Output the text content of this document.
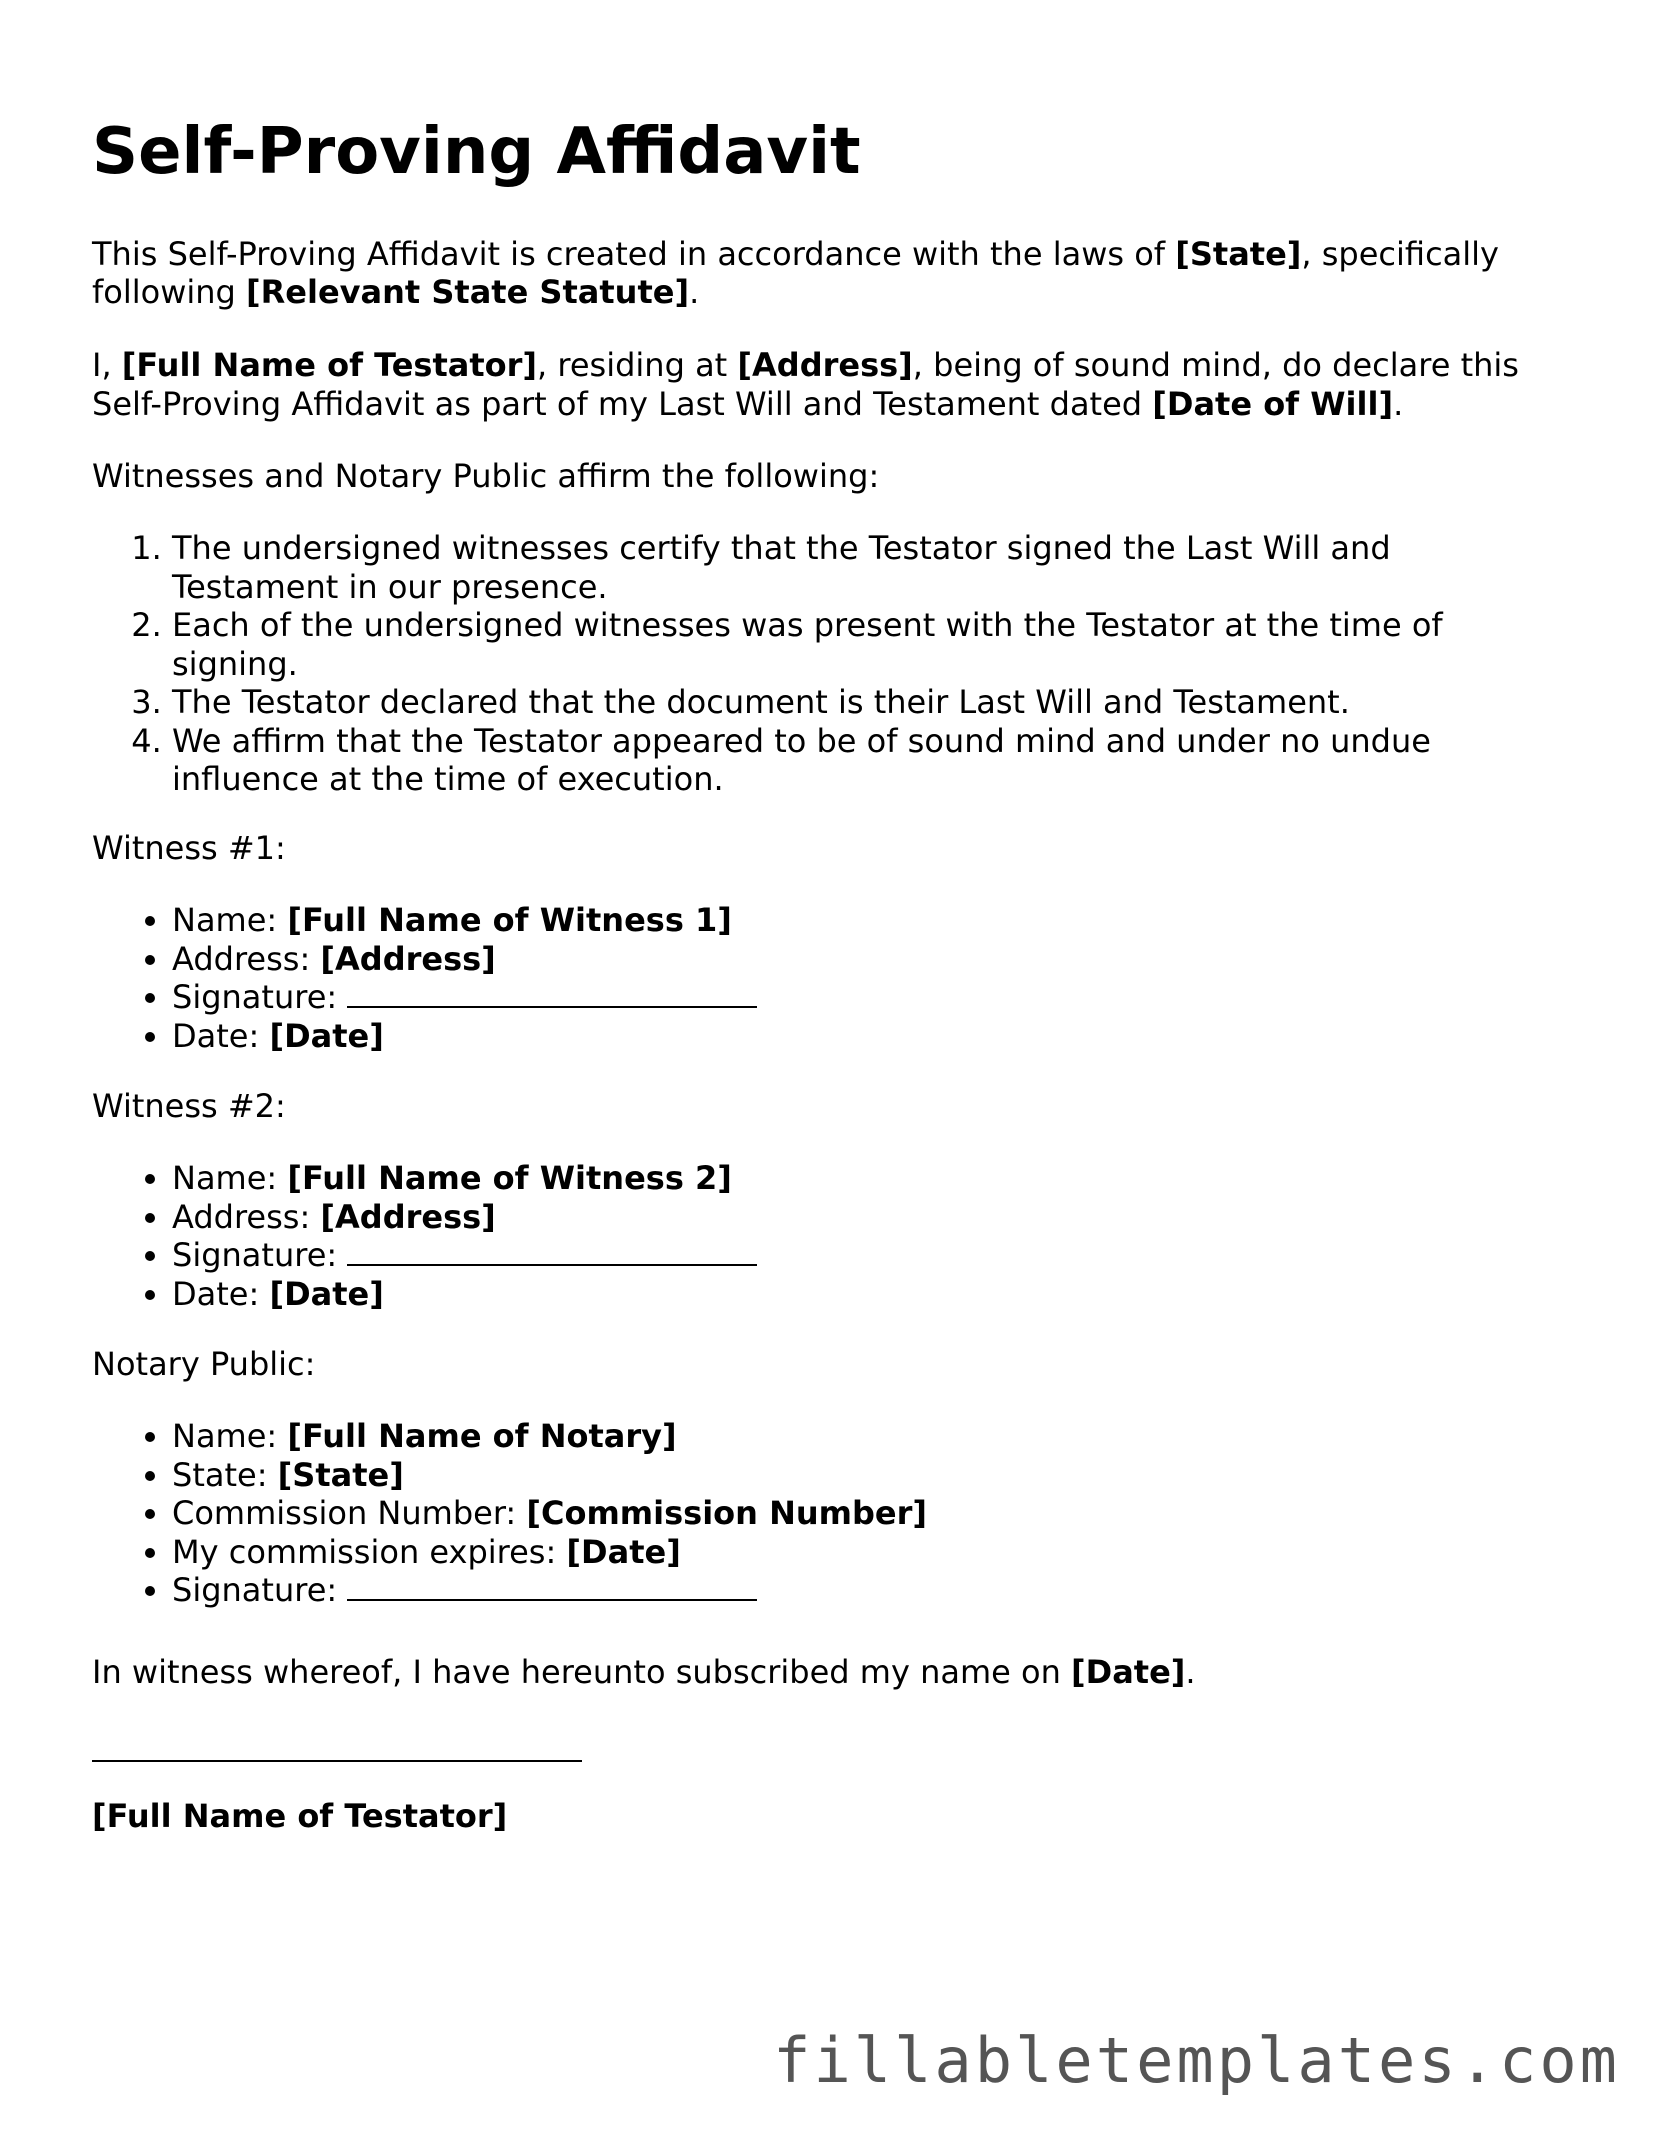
Self-Proving Affidavit

This Self-Proving Affidavit is created in accordance with the laws of [State], specifically

following [Relevant State Statute].

I, [Full Name of Testator], residing at [Address], being of sound mind, do declare this

Self-Proving Affidavit as part of my Last Will and Testament dated [Date of Will].

Witnesses and Notary Public affirm the following:

1. The undersigned witnesses certify that the Testator signed the Last Will and
Testament in our presence.
2. Each of the undersigned witnesses was present with the Testator at the time of
signing.
3. The Testator declared that the document is their Last Will and Testament.
4. We affirm that the Testator appeared to be of sound mind and under no undue
influence at the time of execution.

Witness #1:

• Name: [Full Name of Witness 1]
• Address: [Address]
• Signature:
• Date: [Date]

Witness #2:

• Name: [Full Name of Witness 2]
• Address: [Address]
• Signature:
• Date: [Date]

Notary Public:

• Name: [Full Name of Notary]
• State: [State]
• Commission Number: [Commission Number]
• My commission expires: [Date]
• Signature:

In witness whereof, I have hereunto subscribed my name on [Date].

[Full Name of Testator]

fillabletemplates.com
